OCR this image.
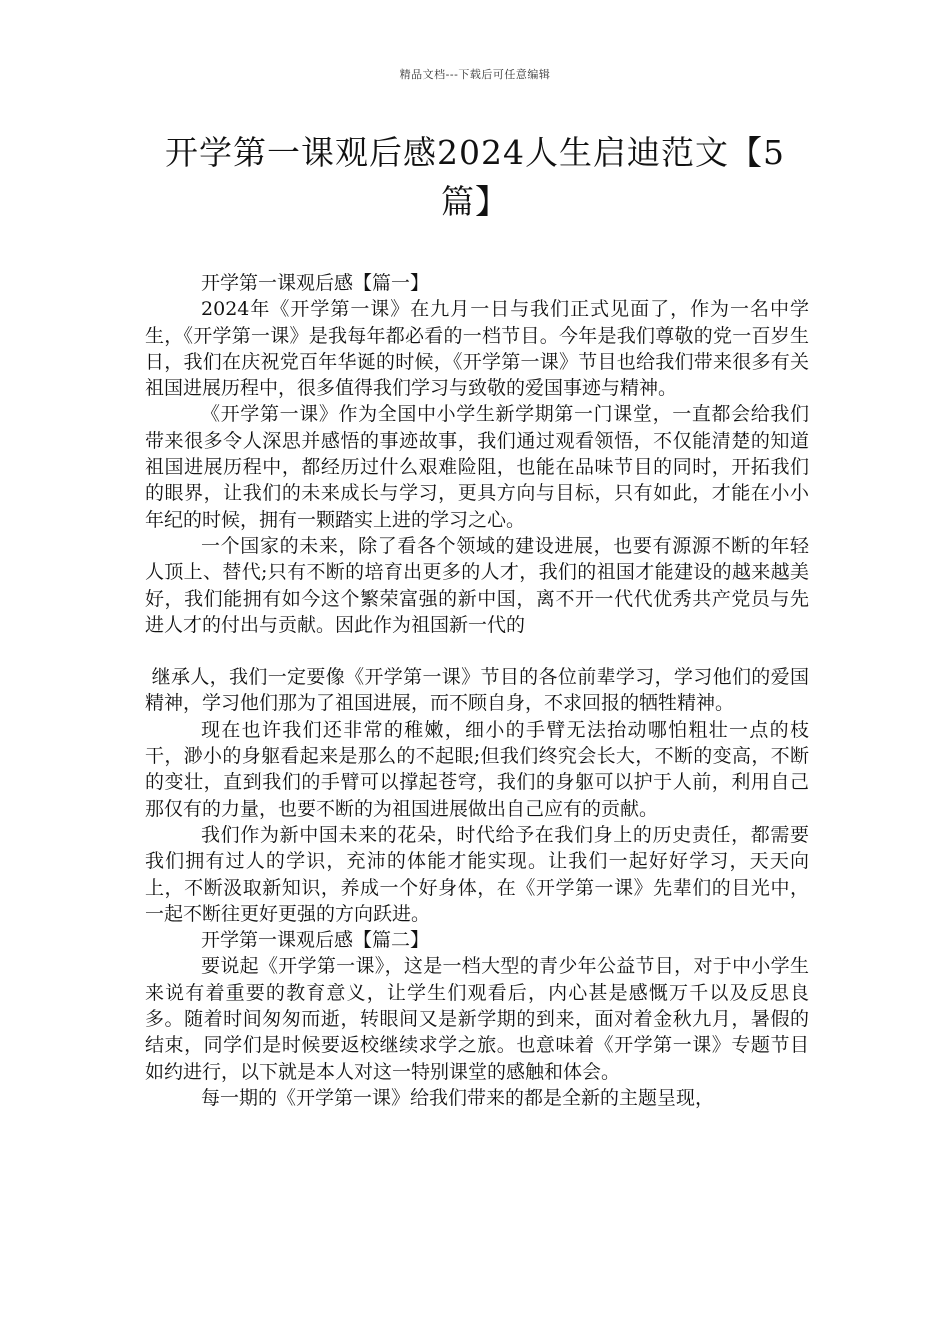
精品文档---下载后可任意编辑
开学第一课观后感2024人生启迪范文【5篇】

开学第一课观后感【篇一】

2024年《开学第一课》在九月一日与我们正式见面了，作为一名中学生，《开学第一课》是我每年都必看的一档节目。今年是我们尊敬的党一百岁生日，我们在庆祝党百年华诞的时候，《开学第一课》节目也给我们带来很多有关祖国进展历程中，很多值得我们学习与致敬的爱国事迹与精神。

《开学第一课》作为全国中小学生新学期第一门课堂，一直都会给我们带来很多令人深思并感悟的事迹故事，我们通过观看领悟，不仅能清楚的知道祖国进展历程中，都经历过什么艰难险阻，也能在品味节目的同时，开拓我们的眼界，让我们的未来成长与学习，更具方向与目标，只有如此，才能在小小年纪的时候，拥有一颗踏实上进的学习之心。

一个国家的未来，除了看各个领域的建设进展，也要有源源不断的年轻人顶上、替代;只有不断的培育出更多的人才，我们的祖国才能建设的越来越美好，我们能拥有如今这个繁荣富强的新中国，离不开一代代优秀共产党员与先进人才的付出与贡献。因此作为祖国新一代的

继承人，我们一定要像《开学第一课》节目的各位前辈学习，学习他们的爱国精神，学习他们那为了祖国进展，而不顾自身，不求回报的牺牲精神。

现在也许我们还非常的稚嫩，细小的手臂无法抬动哪怕粗壮一点的枝干，渺小的身躯看起来是那么的不起眼;但我们终究会长大，不断的变高，不断的变壮，直到我们的手臂可以撑起苍穹，我们的身躯可以护于人前，利用自己那仅有的力量，也要不断的为祖国进展做出自己应有的贡献。

我们作为新中国未来的花朵，时代给予在我们身上的历史责任，都需要我们拥有过人的学识，充沛的体能才能实现。让我们一起好好学习，天天向上，不断汲取新知识，养成一个好身体，在《开学第一课》先辈们的目光中，一起不断往更好更强的方向跃进。

开学第一课观后感【篇二】

要说起《开学第一课》，这是一档大型的青少年公益节目，对于中小学生来说有着重要的教育意义，让学生们观看后，内心甚是感慨万千以及反思良多。随着时间匆匆而逝，转眼间又是新学期的到来，面对着金秋九月，暑假的结束，同学们是时候要返校继续求学之旅。也意味着《开学第一课》专题节目如约进行，以下就是本人对这一特别课堂的感触和体会。

每一期的《开学第一课》给我们带来的都是全新的主题呈现，
